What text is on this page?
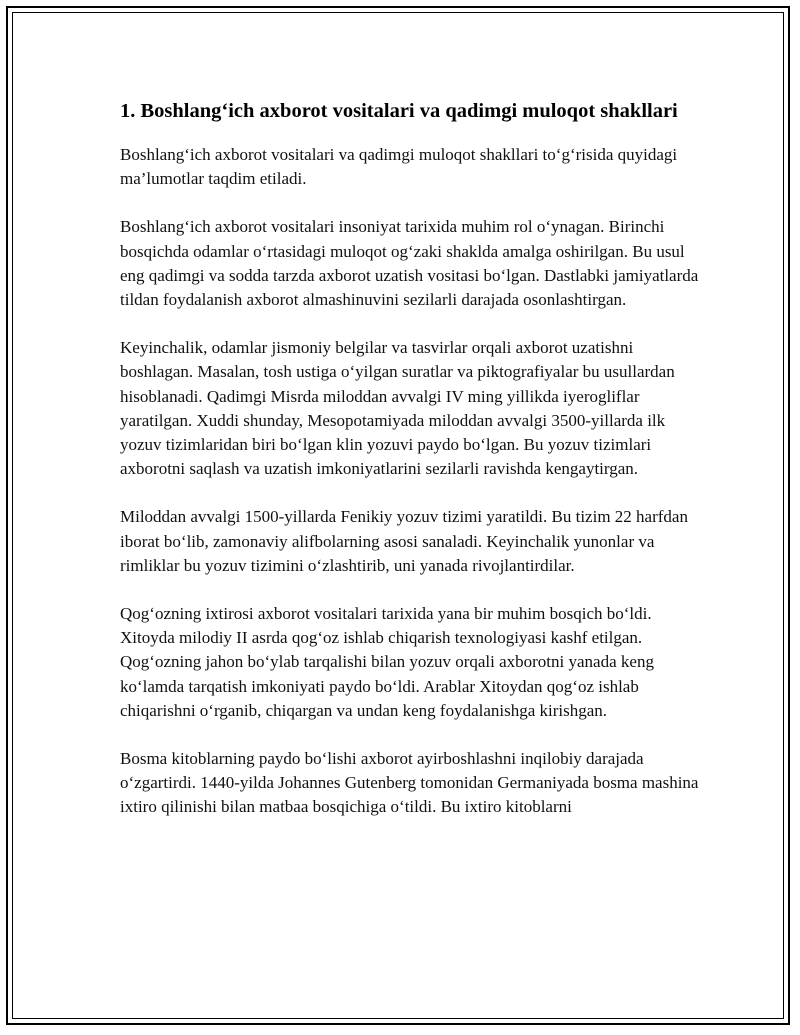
1. Boshlang‘ich axborot vositalari va qadimgi muloqot shakllari

Boshlang‘ich axborot vositalari va qadimgi muloqot shakllari to‘g‘risida quyidagi ma’lumotlar taqdim etiladi.

Boshlang‘ich axborot vositalari insoniyat tarixida muhim rol o‘ynagan. Birinchi bosqichda odamlar o‘rtasidagi muloqot og‘zaki shaklda amalga oshirilgan. Bu usul eng qadimgi va sodda tarzda axborot uzatish vositasi bo‘lgan. Dastlabki jamiyatlarda tildan foydalanish axborot almashinuvini sezilarli darajada osonlashtirgan.

Keyinchalik, odamlar jismoniy belgilar va tasvirlar orqali axborot uzatishni boshlagan. Masalan, tosh ustiga o‘yilgan suratlar va piktografiyalar bu usullardan hisoblanadi. Qadimgi Misrda miloddan avvalgi IV ming yillikda iyerogliflar yaratilgan. Xuddi shunday, Mesopotamiyada miloddan avvalgi 3500-yillarda ilk yozuv tizimlaridan biri bo‘lgan klin yozuvi paydo bo‘lgan. Bu yozuv tizimlari axborotni saqlash va uzatish imkoniyatlarini sezilarli ravishda kengaytirgan.

Miloddan avvalgi 1500-yillarda Fenikiy yozuv tizimi yaratildi. Bu tizim 22 harfdan iborat bo‘lib, zamonaviy alifbolarning asosi sanaladi. Keyinchalik yunonlar va rimliklar bu yozuv tizimini o‘zlashtirib, uni yanada rivojlantirdilar.

Qog‘ozning ixtirosi axborot vositalari tarixida yana bir muhim bosqich bo‘ldi. Xitoyda milodiy II asrda qog‘oz ishlab chiqarish texnologiyasi kashf etilgan. Qog‘ozning jahon bo‘ylab tarqalishi bilan yozuv orqali axborotni yanada keng ko‘lamda tarqatish imkoniyati paydo bo‘ldi. Arablar Xitoydan qog‘oz ishlab chiqarishni o‘rganib, chiqargan va undan keng foydalanishga kirishgan.

Bosma kitoblarning paydo bo‘lishi axborot ayirboshlashni inqilobiy darajada o‘zgartirdi. 1440-yilda Johannes Gutenberg tomonidan Germaniyada bosma mashina ixtiro qilinishi bilan matbaa bosqichiga o‘tildi. Bu ixtiro kitoblarni
